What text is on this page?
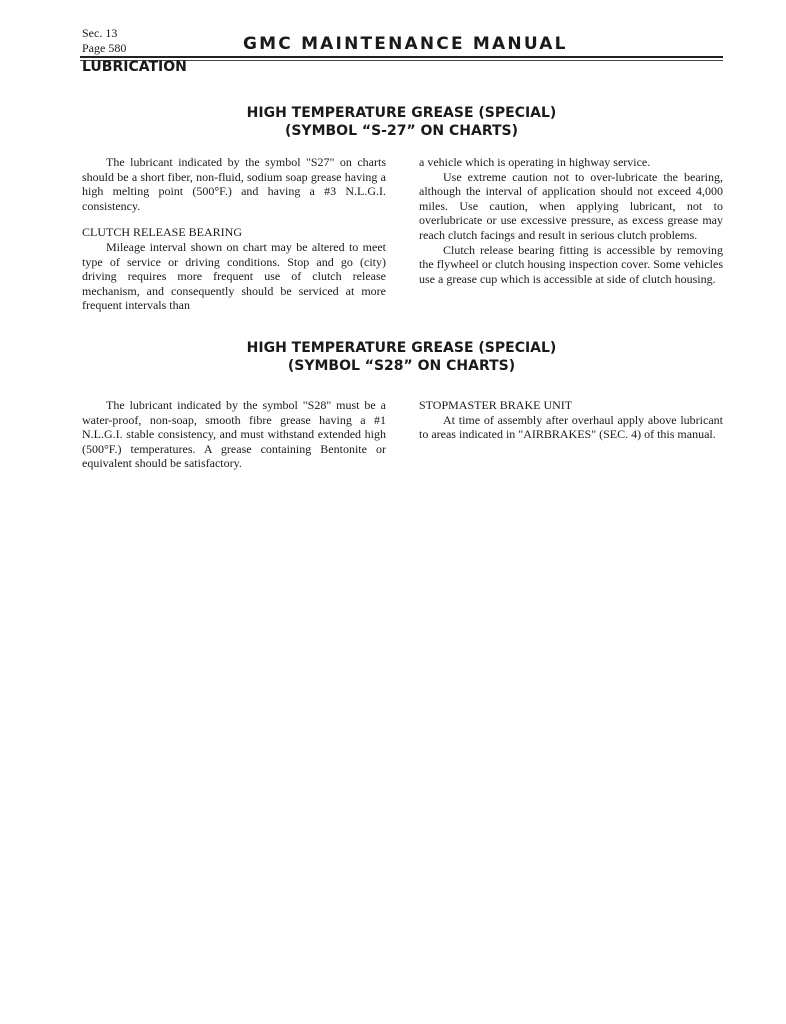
Sec. 13
Page 580	GMC MAINTENANCE MANUAL
LUBRICATION
HIGH TEMPERATURE GREASE (SPECIAL)
(SYMBOL “S-27” ON CHARTS)

The lubricant indicated by the symbol "S27" on charts should be a short fiber, non-fluid, sodium soap grease having a high melting point (500°F.) and having a #3 N.L.G.I. consistency.

CLUTCH RELEASE BEARING

Mileage interval shown on chart may be altered to meet type of service or driving conditions. Stop and go (city) driving requires more frequent use of clutch release mechanism, and consequently should be serviced at more frequent intervals than

a vehicle which is operating in highway service.

Use extreme caution not to over-lubricate the bearing, although the interval of application should not exceed 4,000 miles. Use caution, when applying lubricant, not to overlubricate or use excessive pressure, as excess grease may reach clutch facings and result in serious clutch problems.

Clutch release bearing fitting is accessible by removing the flywheel or clutch housing inspection cover. Some vehicles use a grease cup which is accessible at side of clutch housing.

HIGH TEMPERATURE GREASE (SPECIAL)
(SYMBOL “S28” ON CHARTS)

The lubricant indicated by the symbol "S28" must be a water-proof, non-soap, smooth fibre grease having a #1 N.L.G.I. stable consistency, and must withstand extended high (500°F.) temperatures. A grease containing Bentonite or equivalent should be satisfactory.

STOPMASTER BRAKE UNIT

At time of assembly after overhaul apply above lubricant to areas indicated in "AIRBRAKES" (SEC. 4) of this manual.
